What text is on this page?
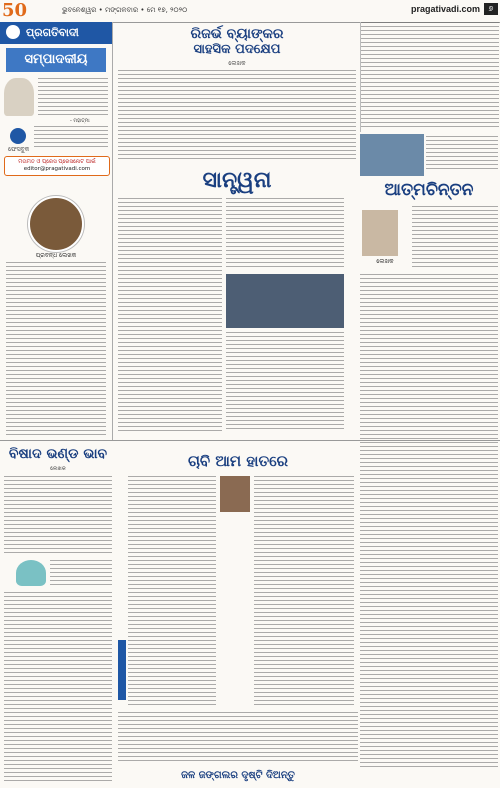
50	ଭୁବନେଶ୍ୱର • ମଙ୍ଗଳବାର • ମେ ୧୭, ୨୦୨୦	pragativadi.com	୭
ପ୍ରଗତିବାଦୀ
ସମ୍ପାଦକୀୟ
- ମହାତ୍ମା
ଫେସବୁକ
ମତାମତ ଓ ପ୍ରେସ ପ୍ରେସନୋଟ ପାଇଁ
editor@pragativadi.com
ପ୍ରବନ୍ଧ ଲେଖକ
ରିଜର୍ଭ ବ୍ୟାଙ୍କର
ସାହସିକ ପଦକ୍ଷେପ
ଲେଖକ
ସାନ୍ତ୍ୱନା	ଆତ୍ମଚିନ୍ତନ
ଲେଖକ
ବିଷାଦ ଭଣ୍ଡ ଭାବ
ଲେଖକ	ଚାବି ଆମ ହାତରେ
ଜଳ ଜଙ୍ଗଲର ଦୃଷ୍ଟି ଦିଅନ୍ତୁ
